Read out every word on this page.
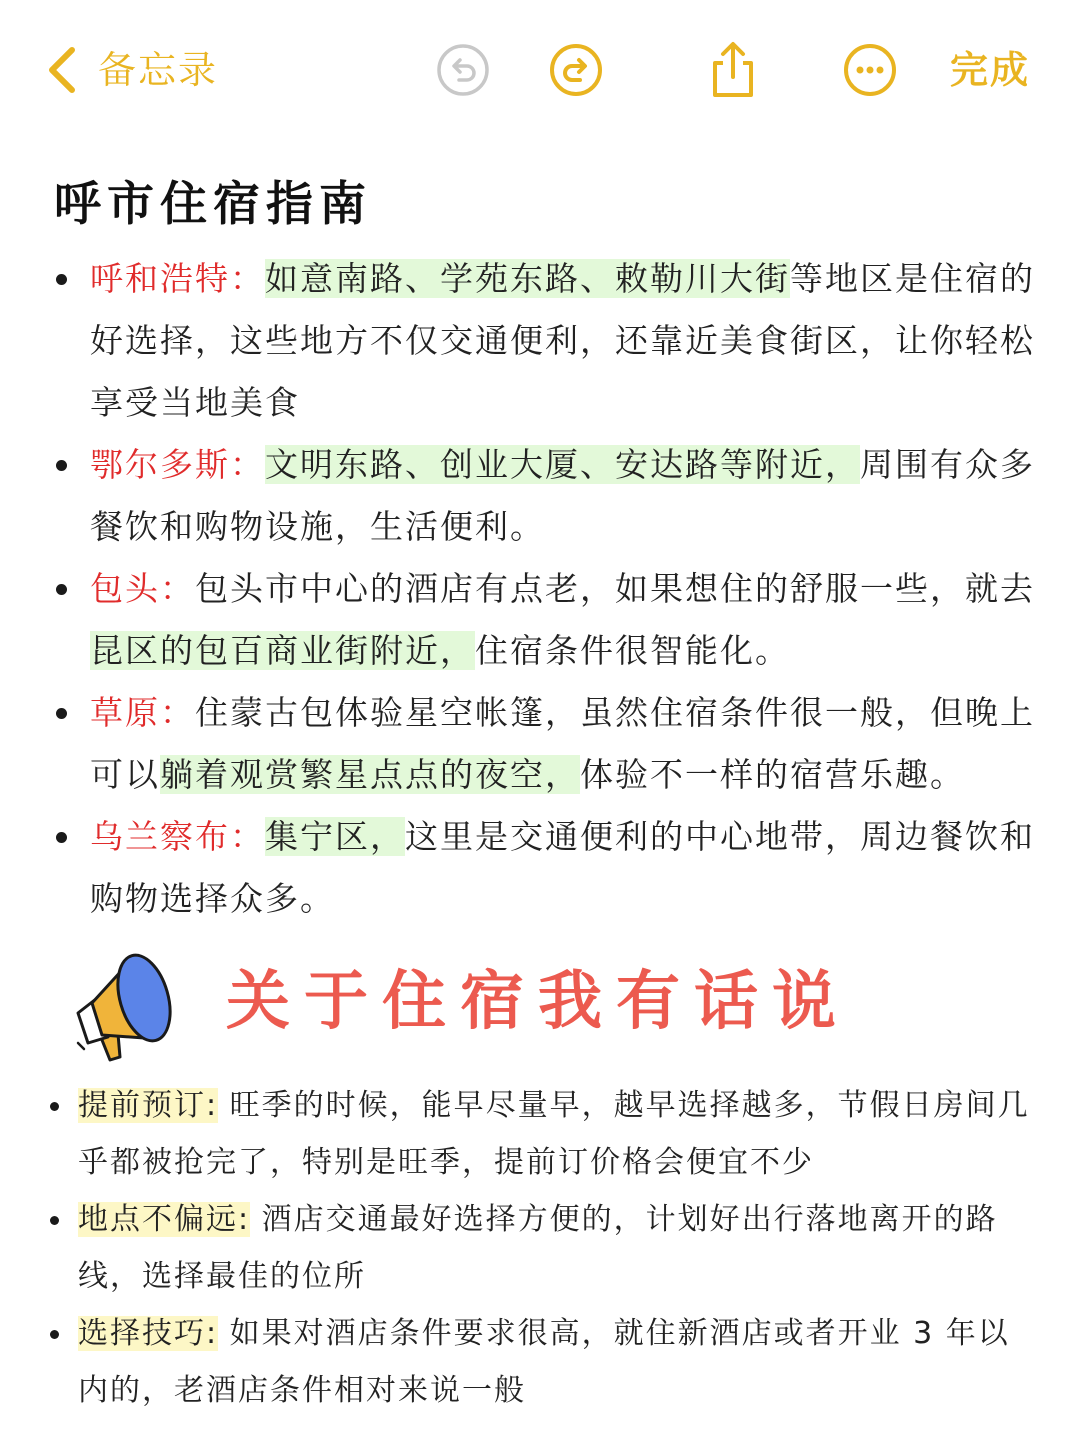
备忘录	完成
呼市住宿指南
呼和浩特：如意南路、学苑东路、敕勒川大街等地区是住宿的好选择，这些地方不仅交通便利，还靠近美食街区，让你轻松享受当地美食
鄂尔多斯：文明东路、创业大厦、安达路等附近，周围有众多餐饮和购物设施，生活便利。
包头：包头市中心的酒店有点老，如果想住的舒服一些，就去昆区的包百商业街附近，住宿条件很智能化。
草原：住蒙古包体验星空帐篷，虽然住宿条件很一般，但晚上可以躺着观赏繁星点点的夜空，体验不一样的宿营乐趣。
乌兰察布：集宁区，这里是交通便利的中心地带，周边餐饮和购物选择众多。
关于住宿我有话说
提前预订: 旺季的时候，能早尽量早，越早选择越多，节假日房间几乎都被抢完了，特别是旺季，提前订价格会便宜不少
地点不偏远: 酒店交通最好选择方便的，计划好出行落地离开的路线，选择最佳的位所
选择技巧: 如果对酒店条件要求很高，就住新酒店或者开业 3 年以内的，老酒店条件相对来说一般
